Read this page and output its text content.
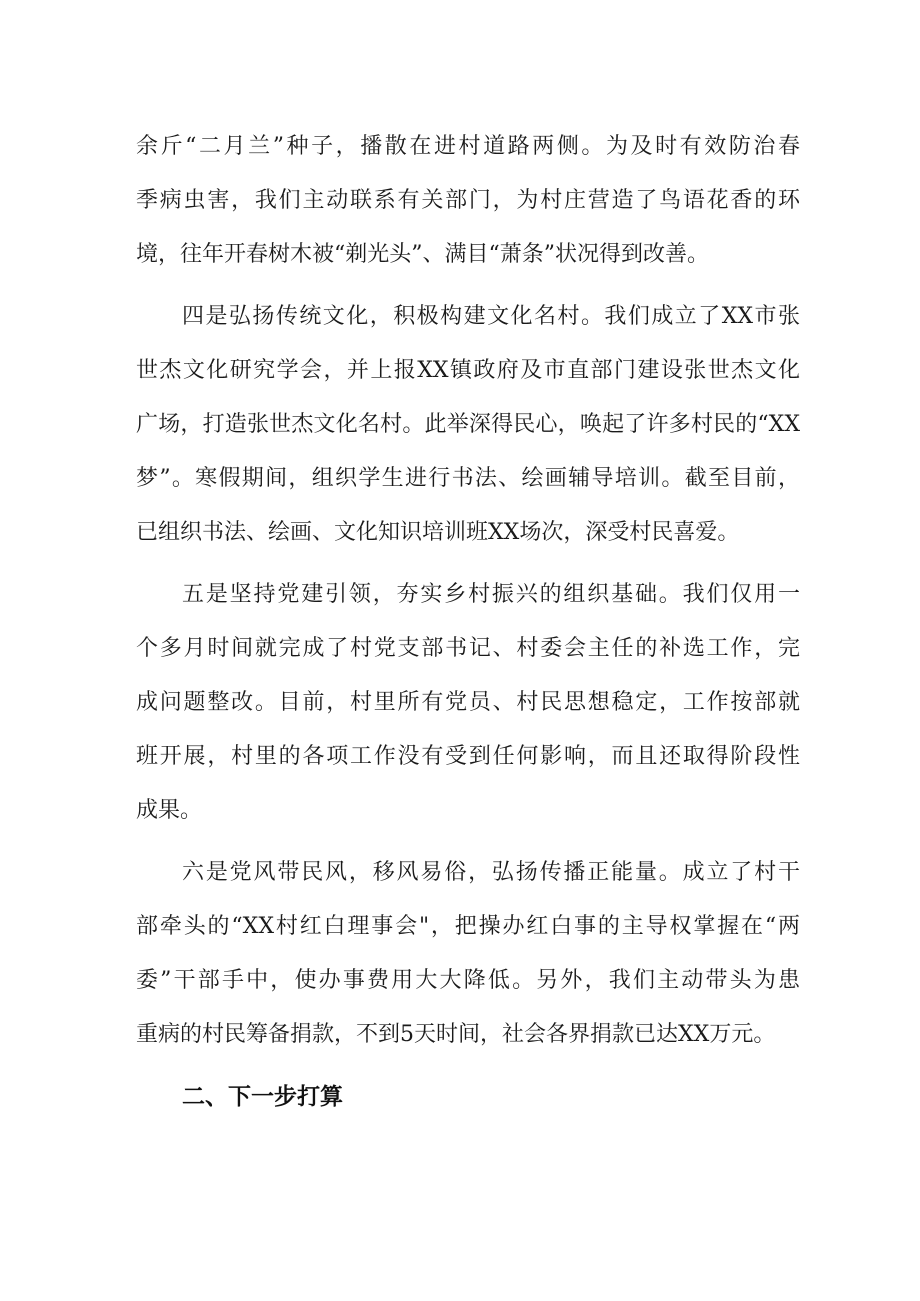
余斤“二月兰”种子，播散在进村道路两侧。为及时有效防治春

季病虫害，我们主动联系有关部门，为村庄营造了鸟语花香的环

境，往年开春树木被“剃光头”、满目“萧条”状况得到改善。

四是弘扬传统文化，积极构建文化名村。我们成立了XX市张

世杰文化研究学会，并上报XX镇政府及市直部门建设张世杰文化

广场，打造张世杰文化名村。此举深得民心，唤起了许多村民的“XX

梦”。寒假期间，组织学生进行书法、绘画辅导培训。截至目前，

已组织书法、绘画、文化知识培训班XX场次，深受村民喜爱。

五是坚持党建引领，夯实乡村振兴的组织基础。我们仅用一

个多月时间就完成了村党支部书记、村委会主任的补选工作，完

成问题整改。目前，村里所有党员、村民思想稳定，工作按部就

班开展，村里的各项工作没有受到任何影响，而且还取得阶段性

成果。

六是党风带民风，移风易俗，弘扬传播正能量。成立了村干

部牵头的“XX村红白理事会"，把操办红白事的主导权掌握在“两

委”干部手中，使办事费用大大降低。另外，我们主动带头为患

重病的村民筹备捐款，不到5天时间，社会各界捐款已达XX万元。

二、下一步打算
